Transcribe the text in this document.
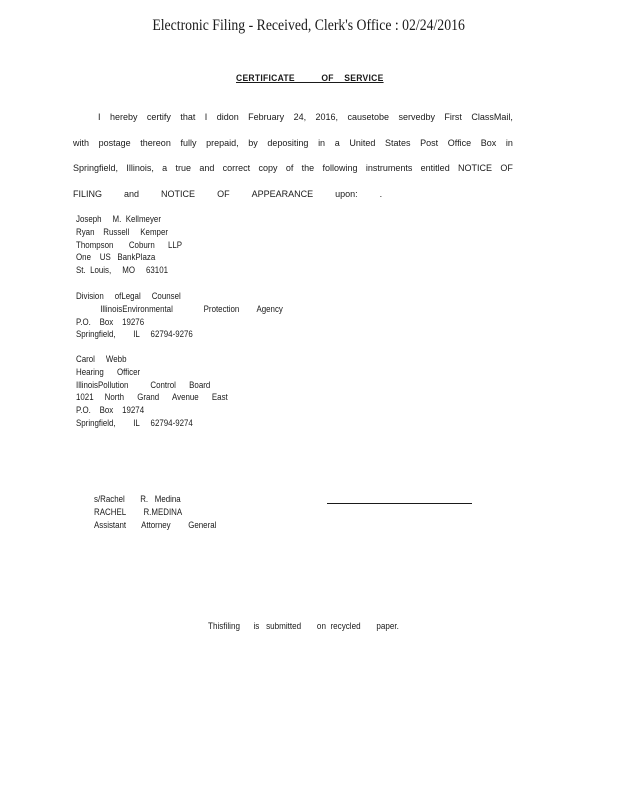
Electronic Filing - Received, Clerk's Office : 02/24/2016
CERTIFICATE          OF    SERVICE
I hereby certify that I didon February 24, 2016, causetobe servedby First ClassMail,
with postage thereon fully prepaid, by depositing in a United States Post Office Box in
Springfield, Illinois, a true and correct copy of the following instruments entitled NOTICE OF
FILING and NOTICE OF APPEARANCE upon: .
Joseph     M.  Kellmeyer
Ryan    Russell     Kemper
Thompson       Coburn      LLP
One    US   BankPlaza
St.  Louis,     MO     63101
Division     ofLegal     Counsel
IllinoisEnvironmental              Protection        Agency
P.O.    Box    19276
Springfield,        IL     62794-9276
Carol     Webb
Hearing      Officer
IllinoisPollution          Control      Board
1021     North      Grand      Avenue      East
P.O.    Box    19274
Springfield,        IL     62794-9274
s/Rachel       R.   Medina
RACHEL        R.MEDINA
Assistant       Attorney        General
Thisfiling      is   submitted       on  recycled       paper.
